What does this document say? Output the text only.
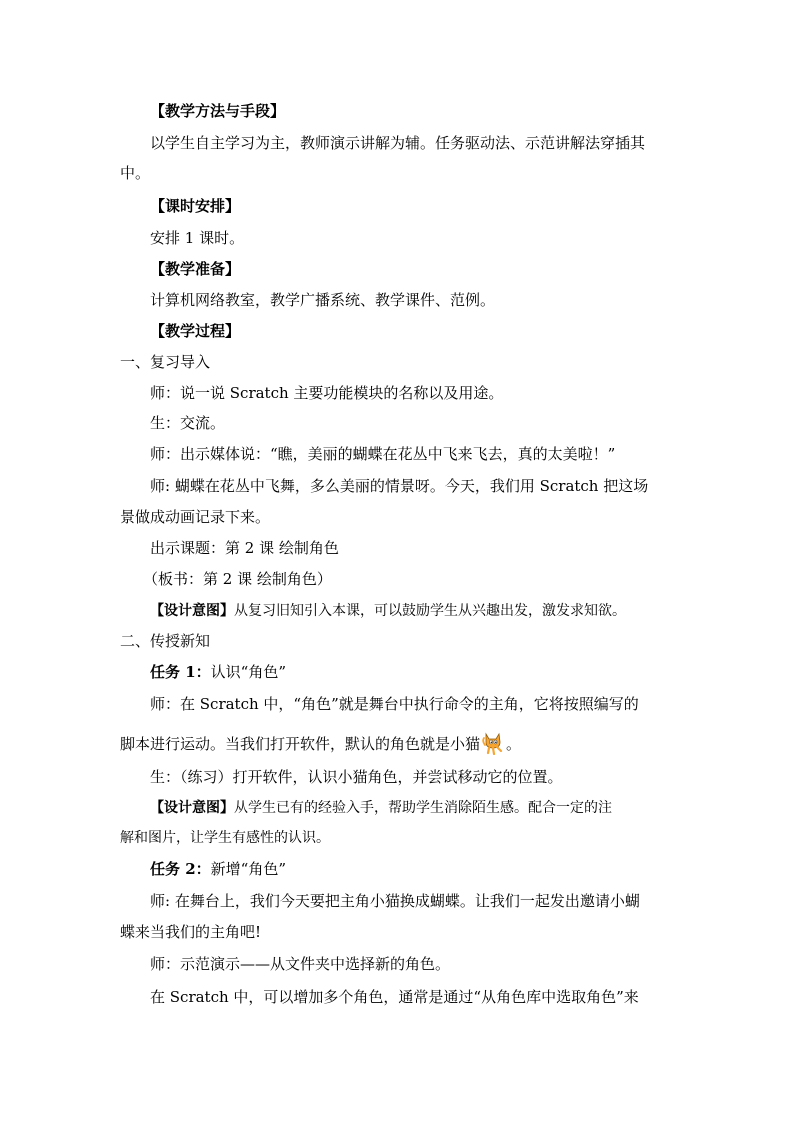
【教学方法与手段】
以学生自主学习为主，教师演示讲解为辅。任务驱动法、示范讲解法穿插其
中。
【课时安排】
安排 1 课时。
【教学准备】
计算机网络教室，教学广播系统、教学课件、范例。
【教学过程】
一、复习导入
师：说一说 Scratch 主要功能模块的名称以及用途。
生：交流。
师：出示媒体说：“瞧，美丽的蝴蝶在花丛中飞来飞去，真的太美啦！”
师: 蝴蝶在花丛中飞舞，多么美丽的情景呀。今天，我们用 Scratch 把这场
景做成动画记录下来。
出示课题：第 2 课 绘制角色
（板书：第 2 课 绘制角色）
【设计意图】从复习旧知引入本课，可以鼓励学生从兴趣出发，激发求知欲。
二、传授新知
任务 1：认识“角色”
师：在 Scratch 中，“角色”就是舞台中执行命令的主角，它将按照编写的
脚本进行运动。当我们打开软件，默认的角色就是小猫 。
生：（练习）打开软件，认识小猫角色，并尝试移动它的位置。
【设计意图】从学生已有的经验入手，帮助学生消除陌生感。配合一定的注
解和图片，让学生有感性的认识。
任务 2：新增“角色”
师: 在舞台上，我们今天要把主角小猫换成蝴蝶。让我们一起发出邀请小蝴
蝶来当我们的主角吧!
师：示范演示——从文件夹中选择新的角色。
在 Scratch 中，可以增加多个角色，通常是通过“从角色库中选取角色”来
